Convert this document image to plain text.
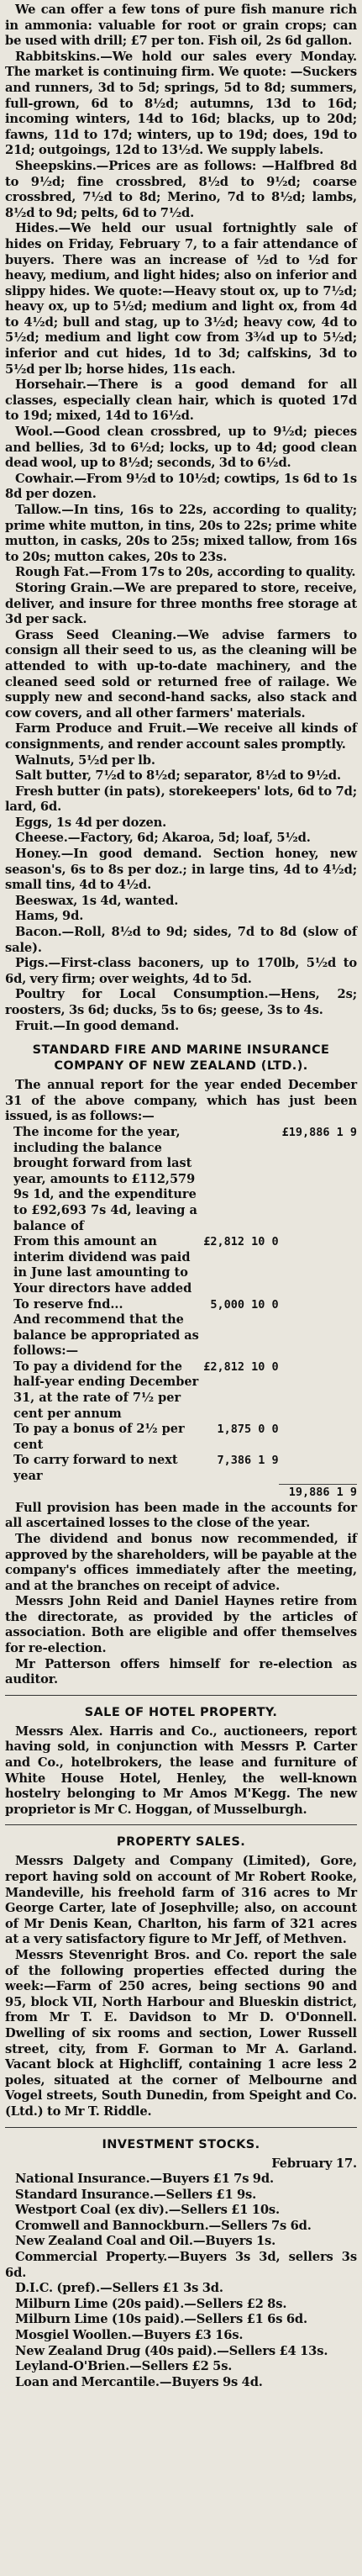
We can offer a few tons of pure fish manure rich in ammonia: valuable for root or grain crops; can be used with drill; £7 per ton. Fish oil, 2s 6d gallon.

Rabbitskins.—We hold our sales every Monday. The market is continuing firm. We quote: —Suckers and runners, 3d to 5d; springs, 5d to 8d; summers, full-grown, 6d to 8½d; autumns, 13d to 16d; incoming winters, 14d to 16d; blacks, up to 20d; fawns, 11d to 17d; winters, up to 19d; does, 19d to 21d; outgoings, 12d to 13½d. We supply labels.

Sheepskins.—Prices are as follows: —Halfbred 8d to 9½d; fine crossbred, 8½d to 9½d; coarse crossbred, 7½d to 8d; Merino, 7d to 8½d; lambs, 8½d to 9d; pelts, 6d to 7½d.

Hides.—We held our usual fortnightly sale of hides on Friday, February 7, to a fair attendance of buyers. There was an increase of ½d to ½d for heavy, medium, and light hides; also on inferior and slippy hides. We quote:—Heavy stout ox, up to 7½d; heavy ox, up to 5½d; medium and light ox, from 4d to 4½d; bull and stag, up to 3½d; heavy cow, 4d to 5½d; medium and light cow from 3¾d up to 5½d; inferior and cut hides, 1d to 3d; calfskins, 3d to 5½d per lb; horse hides, 11s each.

Horsehair.—There is a good demand for all classes, especially clean hair, which is quoted 17d to 19d; mixed, 14d to 16½d.

Wool.—Good clean crossbred, up to 9½d; pieces and bellies, 3d to 6½d; locks, up to 4d; good clean dead wool, up to 8½d; seconds, 3d to 6½d.

Cowhair.—From 9½d to 10½d; cowtips, 1s 6d to 1s 8d per dozen.

Tallow.—In tins, 16s to 22s, according to quality; prime white mutton, in tins, 20s to 22s; prime white mutton, in casks, 20s to 25s; mixed tallow, from 16s to 20s; mutton cakes, 20s to 23s.

Rough Fat.—From 17s to 20s, according to quality.

Storing Grain.—We are prepared to store, receive, deliver, and insure for three months free storage at 3d per sack.

Grass Seed Cleaning.—We advise farmers to consign all their seed to us, as the cleaning will be attended to with up-to-date machinery, and the cleaned seed sold or returned free of railage. We supply new and second-hand sacks, also stack and cow covers, and all other farmers' materials.

Farm Produce and Fruit.—We receive all kinds of consignments, and render account sales promptly.

Walnuts, 5½d per lb.

Salt butter, 7½d to 8½d; separator, 8½d to 9½d.

Fresh butter (in pats), storekeepers' lots, 6d to 7d; lard, 6d.

Eggs, 1s 4d per dozen.

Cheese.—Factory, 6d; Akaroa, 5d; loaf, 5½d.

Honey.—In good demand. Section honey, new season's, 6s to 8s per doz.; in large tins, 4d to 4½d; small tins, 4d to 4½d.

Beeswax, 1s 4d, wanted.

Hams, 9d.

Bacon.—Roll, 8½d to 9d; sides, 7d to 8d (slow of sale).

Pigs.—First-class baconers, up to 170lb, 5½d to 6d, very firm; over weights, 4d to 5d.

Poultry for Local Consumption.—Hens, 2s; roosters, 3s 6d; ducks, 5s to 6s; geese, 3s to 4s.

Fruit.—In good demand.

STANDARD FIRE AND MARINE INSURANCE COMPANY OF NEW ZEALAND (LTD.).

The annual report for the year ended December 31 of the above company, which has just been issued, is as follows:—

The income for the year, including the balance brought forward from last year, amounts to £112,579 9s 1d, and the expenditure to £92,693 7s 4d, leaving a balance of		£19,886 1 9
From this amount an interim dividend was paid in June last amounting to	£2,812 10 0	
Your directors have added		
To reserve fnd...	5,000 10 0	
And recommend that the balance be appropriated as follows:—		
To pay a dividend for the half-year ending December 31, at the rate of 7½ per cent per annum	£2,812 10 0	
To pay a bonus of 2½ per cent	1,875 0 0	
To carry forward to next year	7,386 1 9	
		19,886 1 9

Full provision has been made in the accounts for all ascertained losses to the close of the year.

The dividend and bonus now recommended, if approved by the shareholders, will be payable at the company's offices immediately after the meeting, and at the branches on receipt of advice.

Messrs John Reid and Daniel Haynes retire from the directorate, as provided by the articles of association. Both are eligible and offer themselves for re-election.

Mr Patterson offers himself for re-election as auditor.

SALE OF HOTEL PROPERTY.

Messrs Alex. Harris and Co., auctioneers, report having sold, in conjunction with Messrs P. Carter and Co., hotelbrokers, the lease and furniture of White House Hotel, Henley, the well-known hostelry belonging to Mr Amos M'Kegg. The new proprietor is Mr C. Hoggan, of Musselburgh.

PROPERTY SALES.

Messrs Dalgety and Company (Limited), Gore, report having sold on account of Mr Robert Rooke, Mandeville, his freehold farm of 316 acres to Mr George Carter, late of Josephville; also, on account of Mr Denis Kean, Charlton, his farm of 321 acres at a very satisfactory figure to Mr Jeff, of Methven.

Messrs Stevenright Bros. and Co. report the sale of the following properties effected during the week:—Farm of 250 acres, being sections 90 and 95, block VII, North Harbour and Blueskin district, from Mr T. E. Davidson to Mr D. O'Donnell. Dwelling of six rooms and section, Lower Russell street, city, from F. Gorman to Mr A. Garland. Vacant block at Highcliff, containing 1 acre less 2 poles, situated at the corner of Melbourne and Vogel streets, South Dunedin, from Speight and Co. (Ltd.) to Mr T. Riddle.

INVESTMENT STOCKS.

February 17.

National Insurance.—Buyers £1 7s 9d.

Standard Insurance.—Sellers £1 9s.

Westport Coal (ex div).—Sellers £1 10s.

Cromwell and Bannockburn.—Sellers 7s 6d.

New Zealand Coal and Oil.—Buyers 1s.

Commercial Property.—Buyers 3s 3d, sellers 3s 6d.

D.I.C. (pref).—Sellers £1 3s 3d.

Milburn Lime (20s paid).—Sellers £2 8s.

Milburn Lime (10s paid).—Sellers £1 6s 6d.

Mosgiel Woollen.—Buyers £3 16s.

New Zealand Drug (40s paid).—Sellers £4 13s.

Leyland-O'Brien.—Sellers £2 5s.

Loan and Mercantile.—Buyers 9s 4d.
